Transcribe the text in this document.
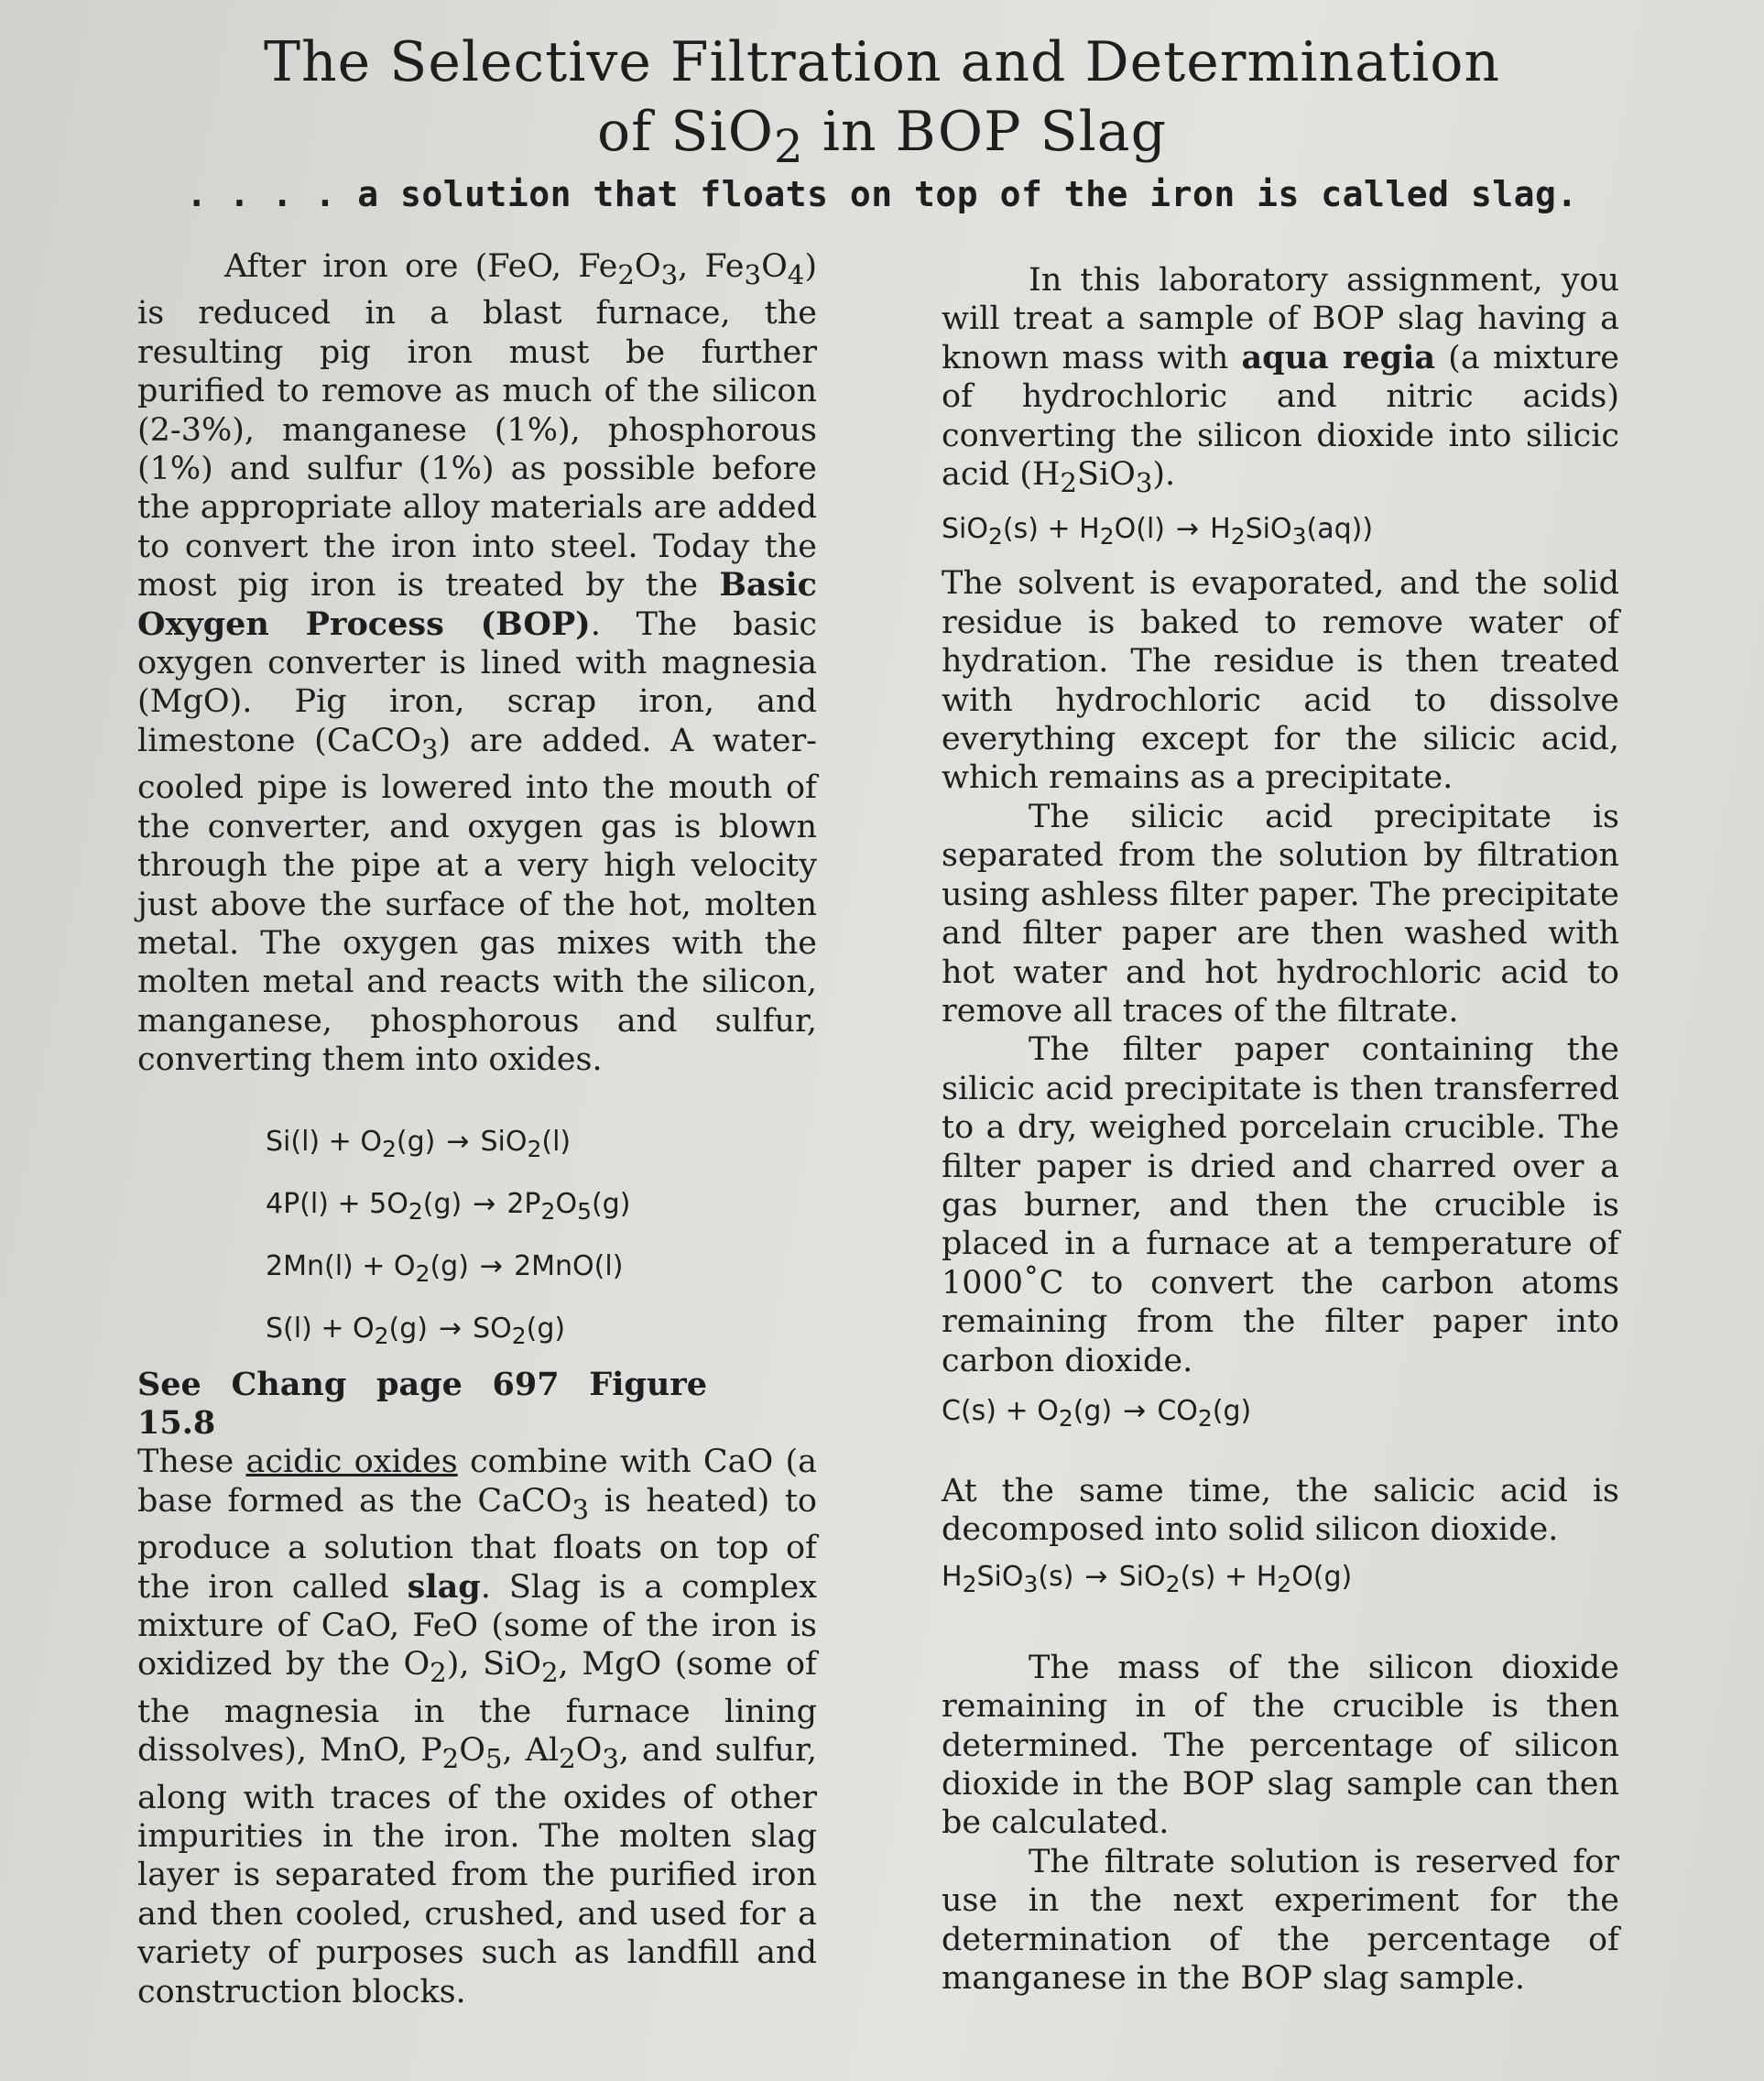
The Selective Filtration and Determination
of SiO$_2$ in BOP Slag
. . . . a solution that floats on top of the iron is called slag.

After iron ore (FeO, $Fe_2O_3$, $Fe_3O_4$) is reduced in a blast furnace, the resulting pig iron must be further purified to remove as much of the silicon (2-3%), manganese (1%), phosphorous (1%) and sulfur (1%) as possible before the appropriate alloy materials are added to convert the iron into steel. Today the most pig iron is treated by the Basic Oxygen Process (BOP). The basic oxygen converter is lined with magnesia (MgO). Pig iron, scrap iron, and limestone (CaCO$_3$) are added. A water-cooled pipe is lowered into the mouth of the converter, and oxygen gas is blown through the pipe at a very high velocity just above the surface of the hot, molten metal. The oxygen gas mixes with the molten metal and reacts with the silicon, manganese, phosphorous and sulfur, converting them into oxides.

$Si(l) + O_2(g) \to SiO_2(l)$

$4P(l) + 5O_2(g) \to 2P_2O_5(g)$

$2Mn(l) + O_2(g) \to 2MnO(l)$

$S(l) + O_2(g) \to SO_2(g)$

See Chang page 697 Figure 15.8

These acidic oxides combine with CaO (a base formed as the CaCO$_3$ is heated) to produce a solution that floats on top of the iron called slag. Slag is a complex mixture of CaO, FeO (some of the iron is oxidized by the $O_2$), SiO$_2$, MgO (some of the magnesia in the furnace lining dissolves), MnO, $P_2O_5$, $Al_2O_3$, and sulfur, along with traces of the oxides of other impurities in the iron. The molten slag layer is separated from the purified iron and then cooled, crushed, and used for a variety of purposes such as landfill and construction blocks.

In this laboratory assignment, you will treat a sample of BOP slag having a known mass with aqua regia (a mixture of hydrochloric and nitric acids) converting the silicon dioxide into silicic acid $(H_2SiO_3)$.

$SiO_2(s) + H_2O(l) \to H_2SiO_3(aq)$)

The solvent is evaporated, and the solid residue is baked to remove water of hydration. The residue is then treated with hydrochloric acid to dissolve everything except for the silicic acid, which remains as a precipitate.

The silicic acid precipitate is separated from the solution by filtration using ashless filter paper. The precipitate and filter paper are then washed with hot water and hot hydrochloric acid to remove all traces of the filtrate.

The filter paper containing the silicic acid precipitate is then transferred to a dry, weighed porcelain crucible. The filter paper is dried and charred over a gas burner, and then the crucible is placed in a furnace at a temperature of 1000˚C to convert the carbon atoms remaining from the filter paper into carbon dioxide.

$C(s) + O_2(g) \to CO_2(g)$

At the same time, the salicic acid is decomposed into solid silicon dioxide.

$H_2SiO_3(s) \to SiO_2(s) + H_2O(g)$

The mass of the silicon dioxide remaining in of the crucible is then determined. The percentage of silicon dioxide in the BOP slag sample can then be calculated.

The filtrate solution is reserved for use in the next experiment for the determination of the percentage of manganese in the BOP slag sample.
